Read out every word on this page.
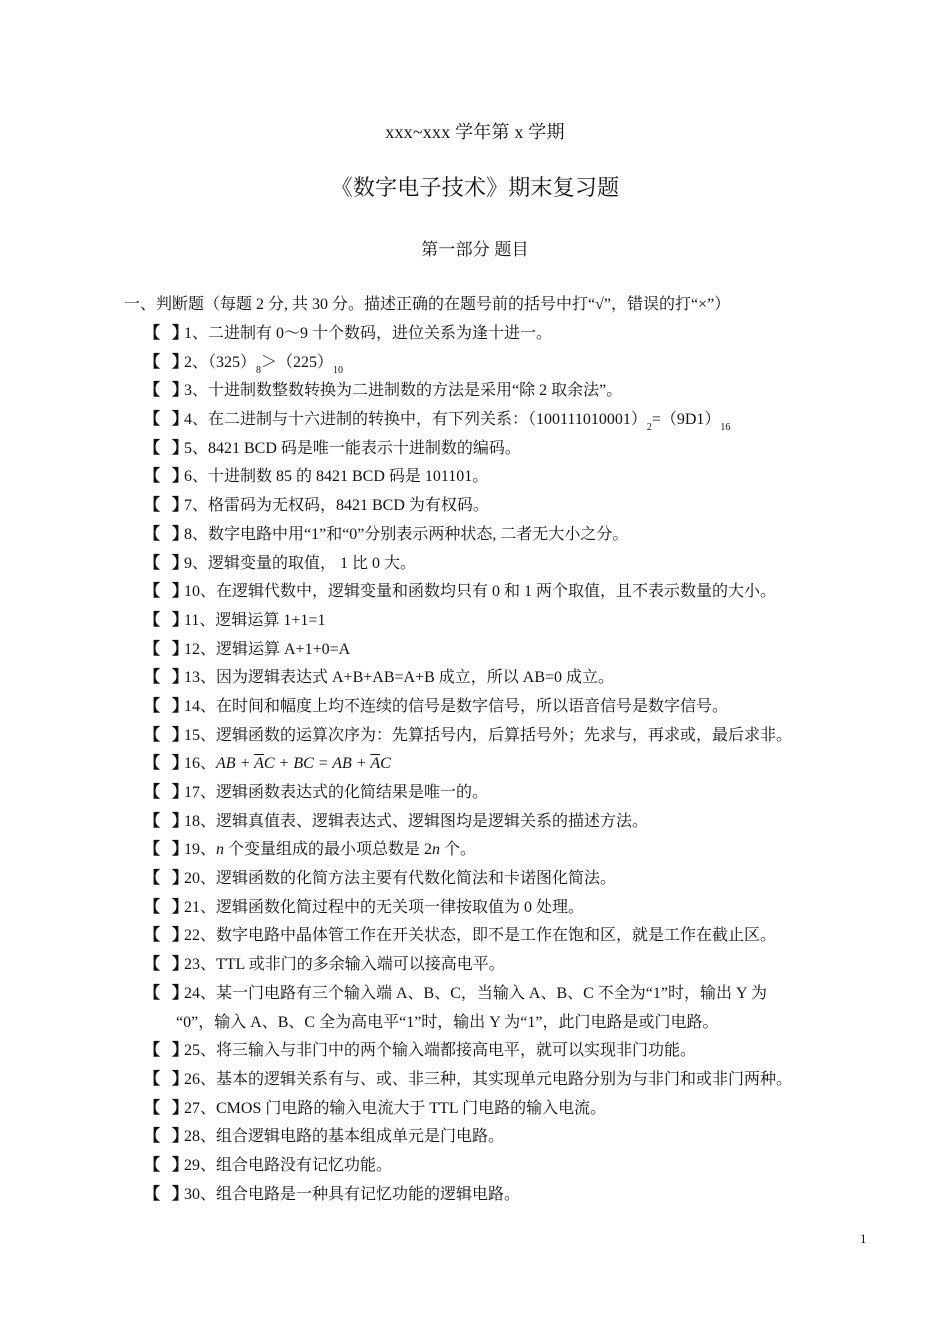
xxx~xxx 学年第 x 学期
《数字电子技术》期末复习题
第一部分 题目
一、判断题（每题 2 分, 共 30 分。描述正确的在题号前的括号中打“√”，错误的打“×”）
【 】1、二进制有 0～9 十个数码，进位关系为逢十进一。
【 】2、$(325)_8>(225)_{10}$
【 】3、十进制数整数转换为二进制数的方法是采用“除 2 取余法”。
【 】4、在二进制与十六进制的转换中，有下列关系：$(100111010001)_2=(9D1)_{16}$
【 】5、8421 BCD 码是唯一能表示十进制数的编码。
【 】6、十进制数 85 的 8421 BCD 码是 101101。
【 】7、格雷码为无权码，8421 BCD 为有权码。
【 】8、数字电路中用“1”和“0”分别表示两种状态, 二者无大小之分。
【 】9、逻辑变量的取值， 1 比 0 大。
【 】10、在逻辑代数中，逻辑变量和函数均只有 0 和 1 两个取值，且不表示数量的大小。
【 】11、逻辑运算 1+1=1
【 】12、逻辑运算 A+1+0=A
【 】13、因为逻辑表达式 A+B+AB=A+B 成立，所以 AB=0 成立。
【 】14、在时间和幅度上均不连续的信号是数字信号，所以语音信号是数字信号。
【 】15、逻辑函数的运算次序为：先算括号内，后算括号外；先求与，再求或，最后求非。
【 】16、AB + $\overline{A}C$ + BC = AB + $\overline{A}C$
【 】17、逻辑函数表达式的化简结果是唯一的。
【 】18、逻辑真值表、逻辑表达式、逻辑图均是逻辑关系的描述方法。
【 】19、n 个变量组成的最小项总数是 2n 个。
【 】20、逻辑函数的化简方法主要有代数化简法和卡诺图化简法。
【 】21、逻辑函数化简过程中的无关项一律按取值为 0 处理。
【 】22、数字电路中晶体管工作在开关状态，即不是工作在饱和区，就是工作在截止区。
【 】23、TTL 或非门的多余输入端可以接高电平。
【 】24、某一门电路有三个输入端 A、B、C，当输入 A、B、C 不全为“1”时，输出 Y 为
“0”，输入 A、B、C 全为高电平“1”时，输出 Y 为“1”，此门电路是或门电路。
【 】25、将三输入与非门中的两个输入端都接高电平，就可以实现非门功能。
【 】26、基本的逻辑关系有与、或、非三种，其实现单元电路分别为与非门和或非门两种。
【 】27、CMOS 门电路的输入电流大于 TTL 门电路的输入电流。
【 】28、组合逻辑电路的基本组成单元是门电路。
【 】29、组合电路没有记忆功能。
【 】30、组合电路是一种具有记忆功能的逻辑电路。
1
